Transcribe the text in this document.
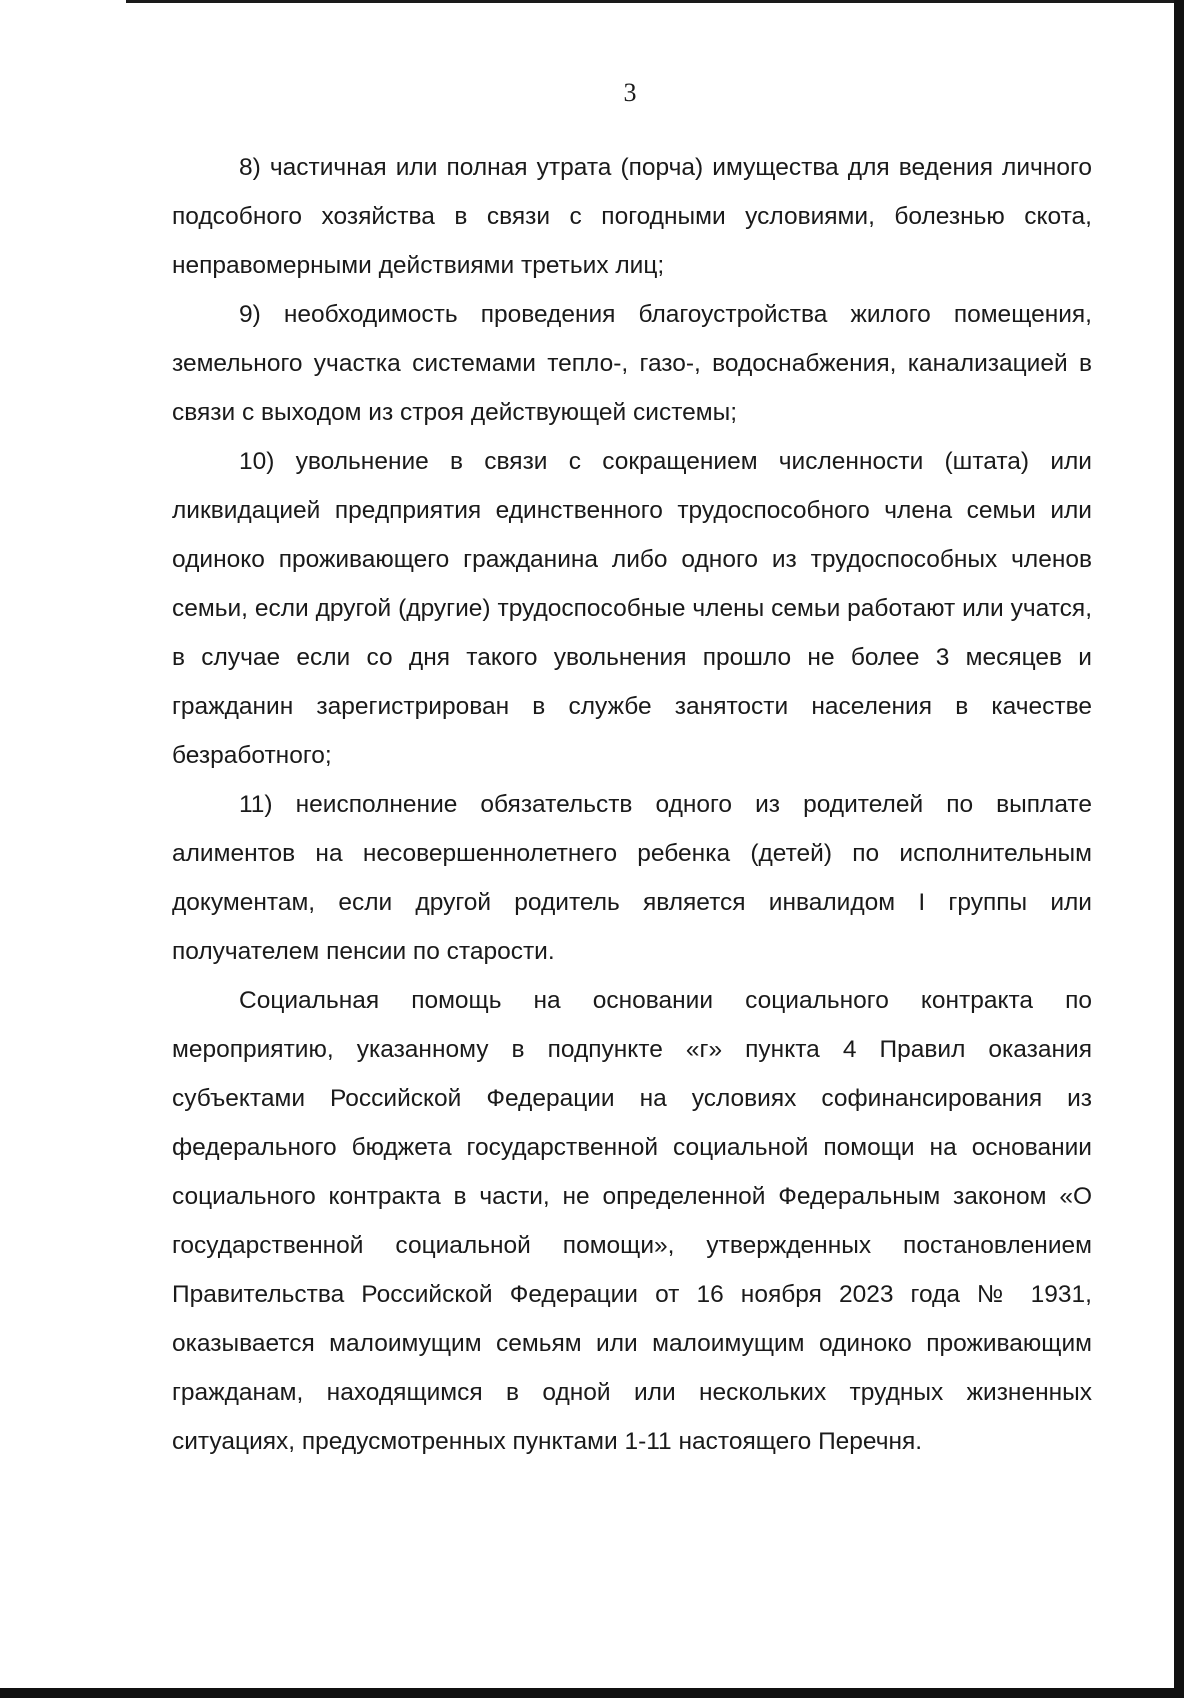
3

8) частичная или полная утрата (порча) имущества для ведения личного подсобного хозяйства в связи с погодными условиями, болезнью скота, неправомерными действиями третьих лиц;

9) необходимость проведения благоустройства жилого помещения, земельного участка системами тепло-, газо-, водоснабжения, канализацией в связи с выходом из строя действующей системы;

10) увольнение в связи с сокращением численности (штата) или ликвидацией предприятия единственного трудоспособного члена семьи или одиноко проживающего гражданина либо одного из трудоспособных членов семьи, если другой (другие) трудоспособные члены семьи работают или учатся, в случае если со дня такого увольнения прошло не более 3 месяцев и гражданин зарегистрирован в службе занятости населения в качестве безработного;

11) неисполнение обязательств одного из родителей по выплате алиментов на несовершеннолетнего ребенка (детей) по исполнительным документам, если другой родитель является инвалидом I группы или получателем пенсии по старости.

Социальная помощь на основании социального контракта по мероприятию, указанному в подпункте «г» пункта 4 Правил оказания субъектами Российской Федерации на условиях софинансирования из федерального бюджета государственной социальной помощи на основании социального контракта в части, не определенной Федеральным законом «О государственной социальной помощи», утвержденных постановлением Правительства Российской Федерации от 16 ноября 2023 года № 1931, оказывается малоимущим семьям или малоимущим одиноко проживающим гражданам, находящимся в одной или нескольких трудных жизненных ситуациях, предусмотренных пунктами 1-11 настоящего Перечня.
